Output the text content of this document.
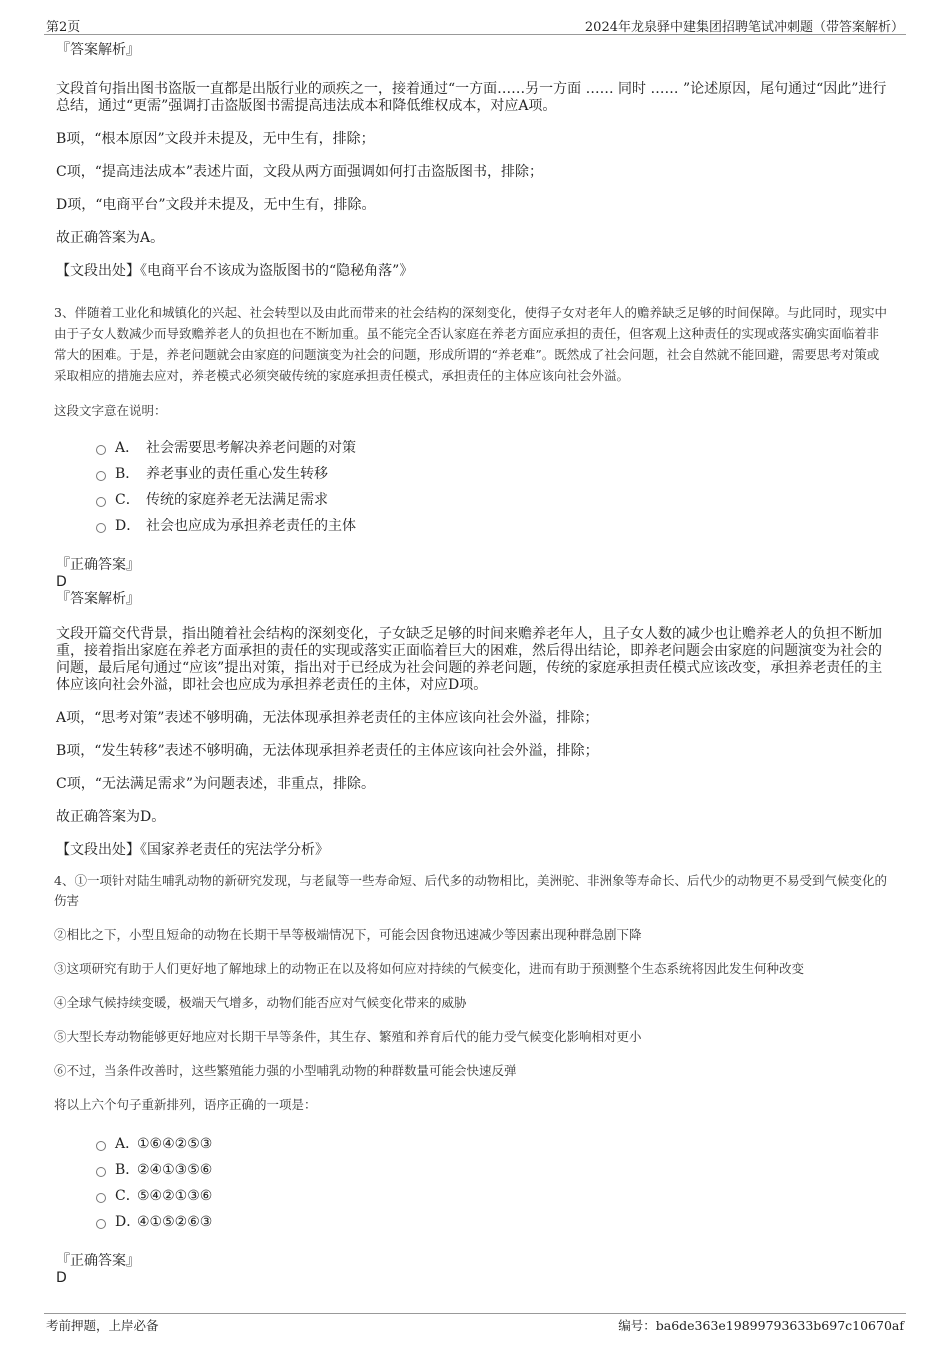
第2页	2024年龙泉驿中建集团招聘笔试冲刺题（带答案解析）
『答案解析』
文段首句指出图书盗版一直都是出版行业的顽疾之一，接着通过“一方面……另一方面 …… 同时 …… ”论述原因，尾句通过“因此”进行总结，通过“更需”强调打击盗版图书需提高违法成本和降低维权成本，对应A项。
B项，“根本原因”文段并未提及，无中生有，排除；
C项，“提高违法成本”表述片面，文段从两方面强调如何打击盗版图书，排除；
D项，“电商平台”文段并未提及，无中生有，排除。
故正确答案为A。
【文段出处】《电商平台不该成为盗版图书的“隐秘角落”》
3、伴随着工业化和城镇化的兴起、社会转型以及由此而带来的社会结构的深刻变化，使得子女对老年人的赡养缺乏足够的时间保障。与此同时，现实中由于子女人数减少而导致赡养老人的负担也在不断加重。虽不能完全否认家庭在养老方面应承担的责任，但客观上这种责任的实现或落实确实面临着非常大的困难。于是，养老问题就会由家庭的问题演变为社会的问题，形成所谓的“养老难”。既然成了社会问题，社会自然就不能回避，需要思考对策或采取相应的措施去应对，养老模式必须突破传统的家庭承担责任模式，承担责任的主体应该向社会外溢。
这段文字意在说明：
A． 社会需要思考解决养老问题的对策
B． 养老事业的责任重心发生转移
C． 传统的家庭养老无法满足需求
D． 社会也应成为承担养老责任的主体
『正确答案』
D
『答案解析』
文段开篇交代背景，指出随着社会结构的深刻变化，子女缺乏足够的时间来赡养老年人，且子女人数的减少也让赡养老人的负担不断加重，接着指出家庭在养老方面承担的责任的实现或落实正面临着巨大的困难，然后得出结论，即养老问题会由家庭的问题演变为社会的问题，最后尾句通过“应该”提出对策，指出对于已经成为社会问题的养老问题，传统的家庭承担责任模式应该改变，承担养老责任的主体应该向社会外溢，即社会也应成为承担养老责任的主体，对应D项。
A项，“思考对策”表述不够明确，无法体现承担养老责任的主体应该向社会外溢，排除；
B项，“发生转移”表述不够明确，无法体现承担养老责任的主体应该向社会外溢，排除；
C项，“无法满足需求”为问题表述，非重点，排除。
故正确答案为D。
【文段出处】《国家养老责任的宪法学分析》
4、①一项针对陆生哺乳动物的新研究发现，与老鼠等一些寿命短、后代多的动物相比，美洲驼、非洲象等寿命长、后代少的动物更不易受到气候变化的伤害
②相比之下，小型且短命的动物在长期干旱等极端情况下，可能会因食物迅速减少等因素出现种群急剧下降
③这项研究有助于人们更好地了解地球上的动物正在以及将如何应对持续的气候变化，进而有助于预测整个生态系统将因此发生何种改变
④全球气候持续变暖，极端天气增多，动物们能否应对气候变化带来的威胁
⑤大型长寿动物能够更好地应对长期干旱等条件，其生存、繁殖和养育后代的能力受气候变化影响相对更小
⑥不过，当条件改善时，这些繁殖能力强的小型哺乳动物的种群数量可能会快速反弹
将以上六个句子重新排列，语序正确的一项是：
A．①⑥④②⑤③
B．②④①③⑤⑥
C．⑤④②①③⑥
D．④①⑤②⑥③
『正确答案』
D
考前押题，上岸必备	编号：ba6de363e19899793633b697c10670af
